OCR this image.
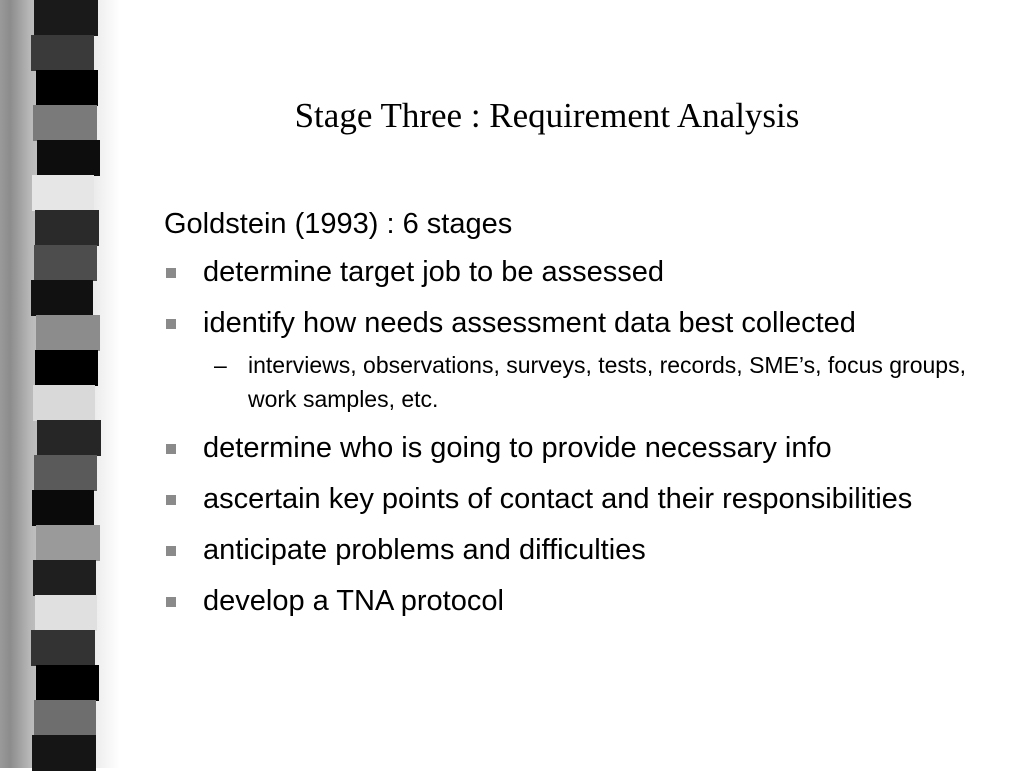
Stage Three : Requirement Analysis
Goldstein (1993) : 6 stages
determine target job to be assessed
identify how needs assessment data best collected
– interviews, observations, surveys, tests, records, SME’s, focus groups, work samples, etc.
determine who is going to provide necessary info
ascertain key points of contact and their responsibilities
anticipate problems and difficulties
develop a TNA protocol
